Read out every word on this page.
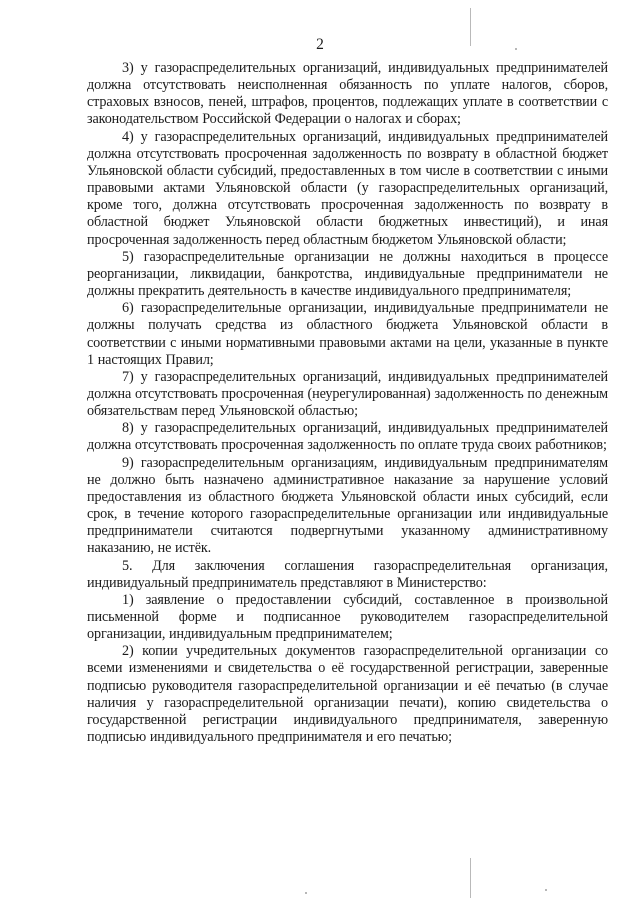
2

3) у газораспределительных организаций, индивидуальных предпринимателей должна отсутствовать неисполненная обязанность по уплате налогов, сборов, страховых взносов, пеней, штрафов, процентов, подлежащих уплате в соответствии с законодательством Российской Федерации о налогах и сборах;

4) у газораспределительных организаций, индивидуальных предпринимателей должна отсутствовать просроченная задолженность по возврату в областной бюджет Ульяновской области субсидий, предоставленных в том числе в соответствии с иными правовыми актами Ульяновской области (у газораспределительных организаций, кроме того, должна отсутствовать просроченная задолженность по возврату в областной бюджет Ульяновской области бюджетных инвестиций), и иная просроченная задолженность перед областным бюджетом Ульяновской области;

5) газораспределительные организации не должны находиться в процессе реорганизации, ликвидации, банкротства, индивидуальные предприниматели не должны прекратить деятельность в качестве индивидуального предпринимателя;

6) газораспределительные организации, индивидуальные предприниматели не должны получать средства из областного бюджета Ульяновской области в соответствии с иными нормативными правовыми актами на цели, указанные в пункте 1 настоящих Правил;

7) у газораспределительных организаций, индивидуальных предпринимателей должна отсутствовать просроченная (неурегулированная) задолженность по денежным обязательствам перед Ульяновской областью;

8) у газораспределительных организаций, индивидуальных предпринимателей должна отсутствовать просроченная задолженность по оплате труда своих работников;

9) газораспределительным организациям, индивидуальным предпринимателям не должно быть назначено административное наказание за нарушение условий предоставления из областного бюджета Ульяновской области иных субсидий, если срок, в течение которого газораспределительные организации или индивидуальные предприниматели считаются подвергнутыми указанному административному наказанию, не истёк.

5. Для заключения соглашения газораспределительная организация, индивидуальный предприниматель представляют в Министерство:

1) заявление о предоставлении субсидий, составленное в произвольной письменной форме и подписанное руководителем газораспределительной организации, индивидуальным предпринимателем;

2) копии учредительных документов газораспределительной организации со всеми изменениями и свидетельства о её государственной регистрации, заверенные подписью руководителя газораспределительной организации и её печатью (в случае наличия у газораспределительной организации печати), копию свидетельства о государственной регистрации индивидуального предпринимателя, заверенную подписью индивидуального предпринимателя и его печатью;
